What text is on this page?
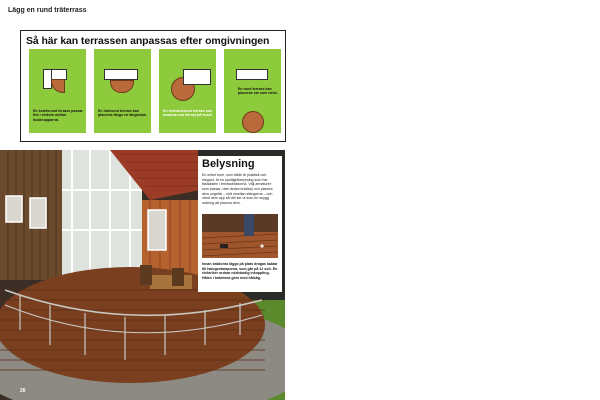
Lägg en rund träterrass
Så här kan terrassen anpassas efter omgivningen
En kvartsrund terrass passar fint i vinkeln mellan husknopparna.
En halvrund terrass kan placeras längs en långsidan.
En trekvartsrund terrass kan omsluta ena hörnet på huset.
En rund terrass kan placeras var som helst.
Belysning
En enkel form, som både är praktisk och elegant, är en spotlightbelysning som har fästakslen i terrassbrädorna. Välj armaturer som passar i den ändra brädan) och placera dem ungefär – mitt emellan stängerna – och vänd dem upp så det ser ut som en snygg ordning att placera dem.
Innan brädorna läggs på plats dragas kablar till halogenlamporna, som går på 12 volt. En elektriker ordnar nödvändig inkoppling. Hålen i brädorna görs med hålsåg.
26
